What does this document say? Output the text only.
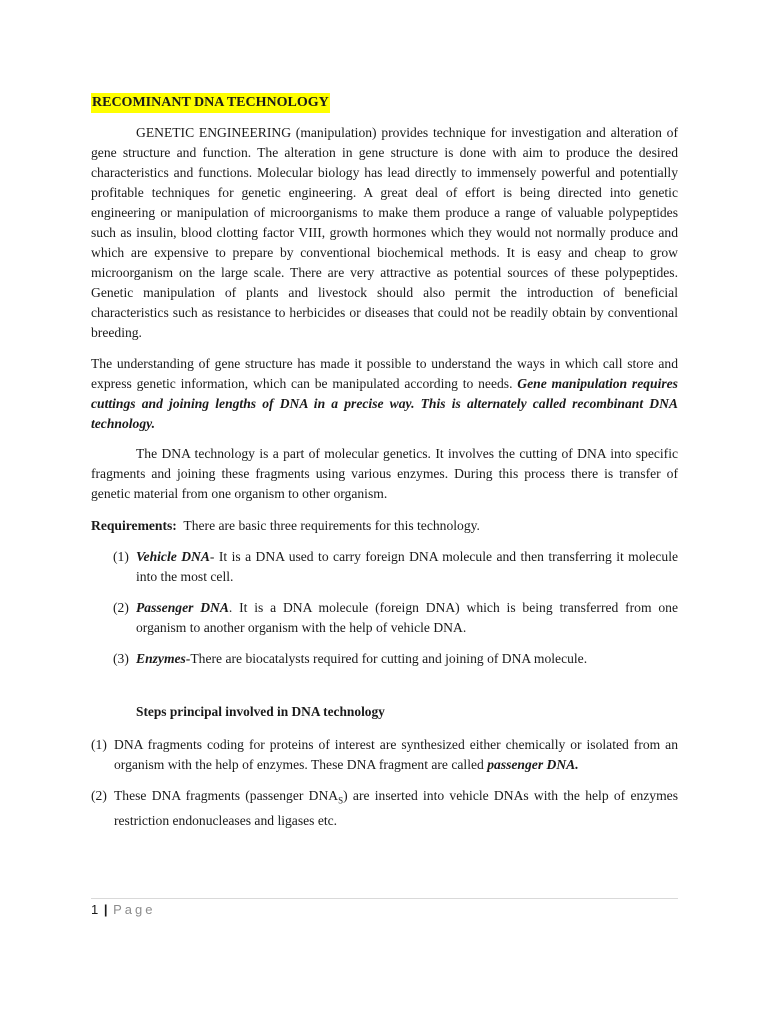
RECOMINANT DNA TECHNOLOGY

GENETIC ENGINEERING (manipulation) provides technique for investigation and alteration of gene structure and function. The alteration in gene structure is done with aim to produce the desired characteristics and functions. Molecular biology has lead directly to immensely powerful and potentially profitable techniques for genetic engineering. A great deal of effort is being directed into genetic engineering or manipulation of microorganisms to make them produce a range of valuable polypeptides such as insulin, blood clotting factor VIII, growth hormones which they would not normally produce and which are expensive to prepare by conventional biochemical methods. It is easy and cheap to grow microorganism on the large scale. There are very attractive as potential sources of these polypeptides. Genetic manipulation of plants and livestock should also permit the introduction of beneficial characteristics such as resistance to herbicides or diseases that could not be readily obtain by conventional breeding.

The understanding of gene structure has made it possible to understand the ways in which call store and express genetic information, which can be manipulated according to needs. Gene manipulation requires cuttings and joining lengths of DNA in a precise way. This is alternately called recombinant DNA technology.

The DNA technology is a part of molecular genetics. It involves the cutting of DNA into specific fragments and joining these fragments using various enzymes. During this process there is transfer of genetic material from one organism to other organism.

Requirements: There are basic three requirements for this technology.

(1) Vehicle DNA- It is a DNA used to carry foreign DNA molecule and then transferring it molecule into the most cell.
(2) Passenger DNA. It is a DNA molecule (foreign DNA) which is being transferred from one organism to another organism with the help of vehicle DNA.
(3) Enzymes-There are biocatalysts required for cutting and joining of DNA molecule.
Steps principal involved in DNA technology
(1) DNA fragments coding for proteins of interest are synthesized either chemically or isolated from an organism with the help of enzymes. These DNA fragment are called passenger DNA.
(2) These DNA fragments (passenger $DNA_S$) are inserted into vehicle DNAs with the help of enzymes restriction endonucleases and ligases etc.
1 | Page
